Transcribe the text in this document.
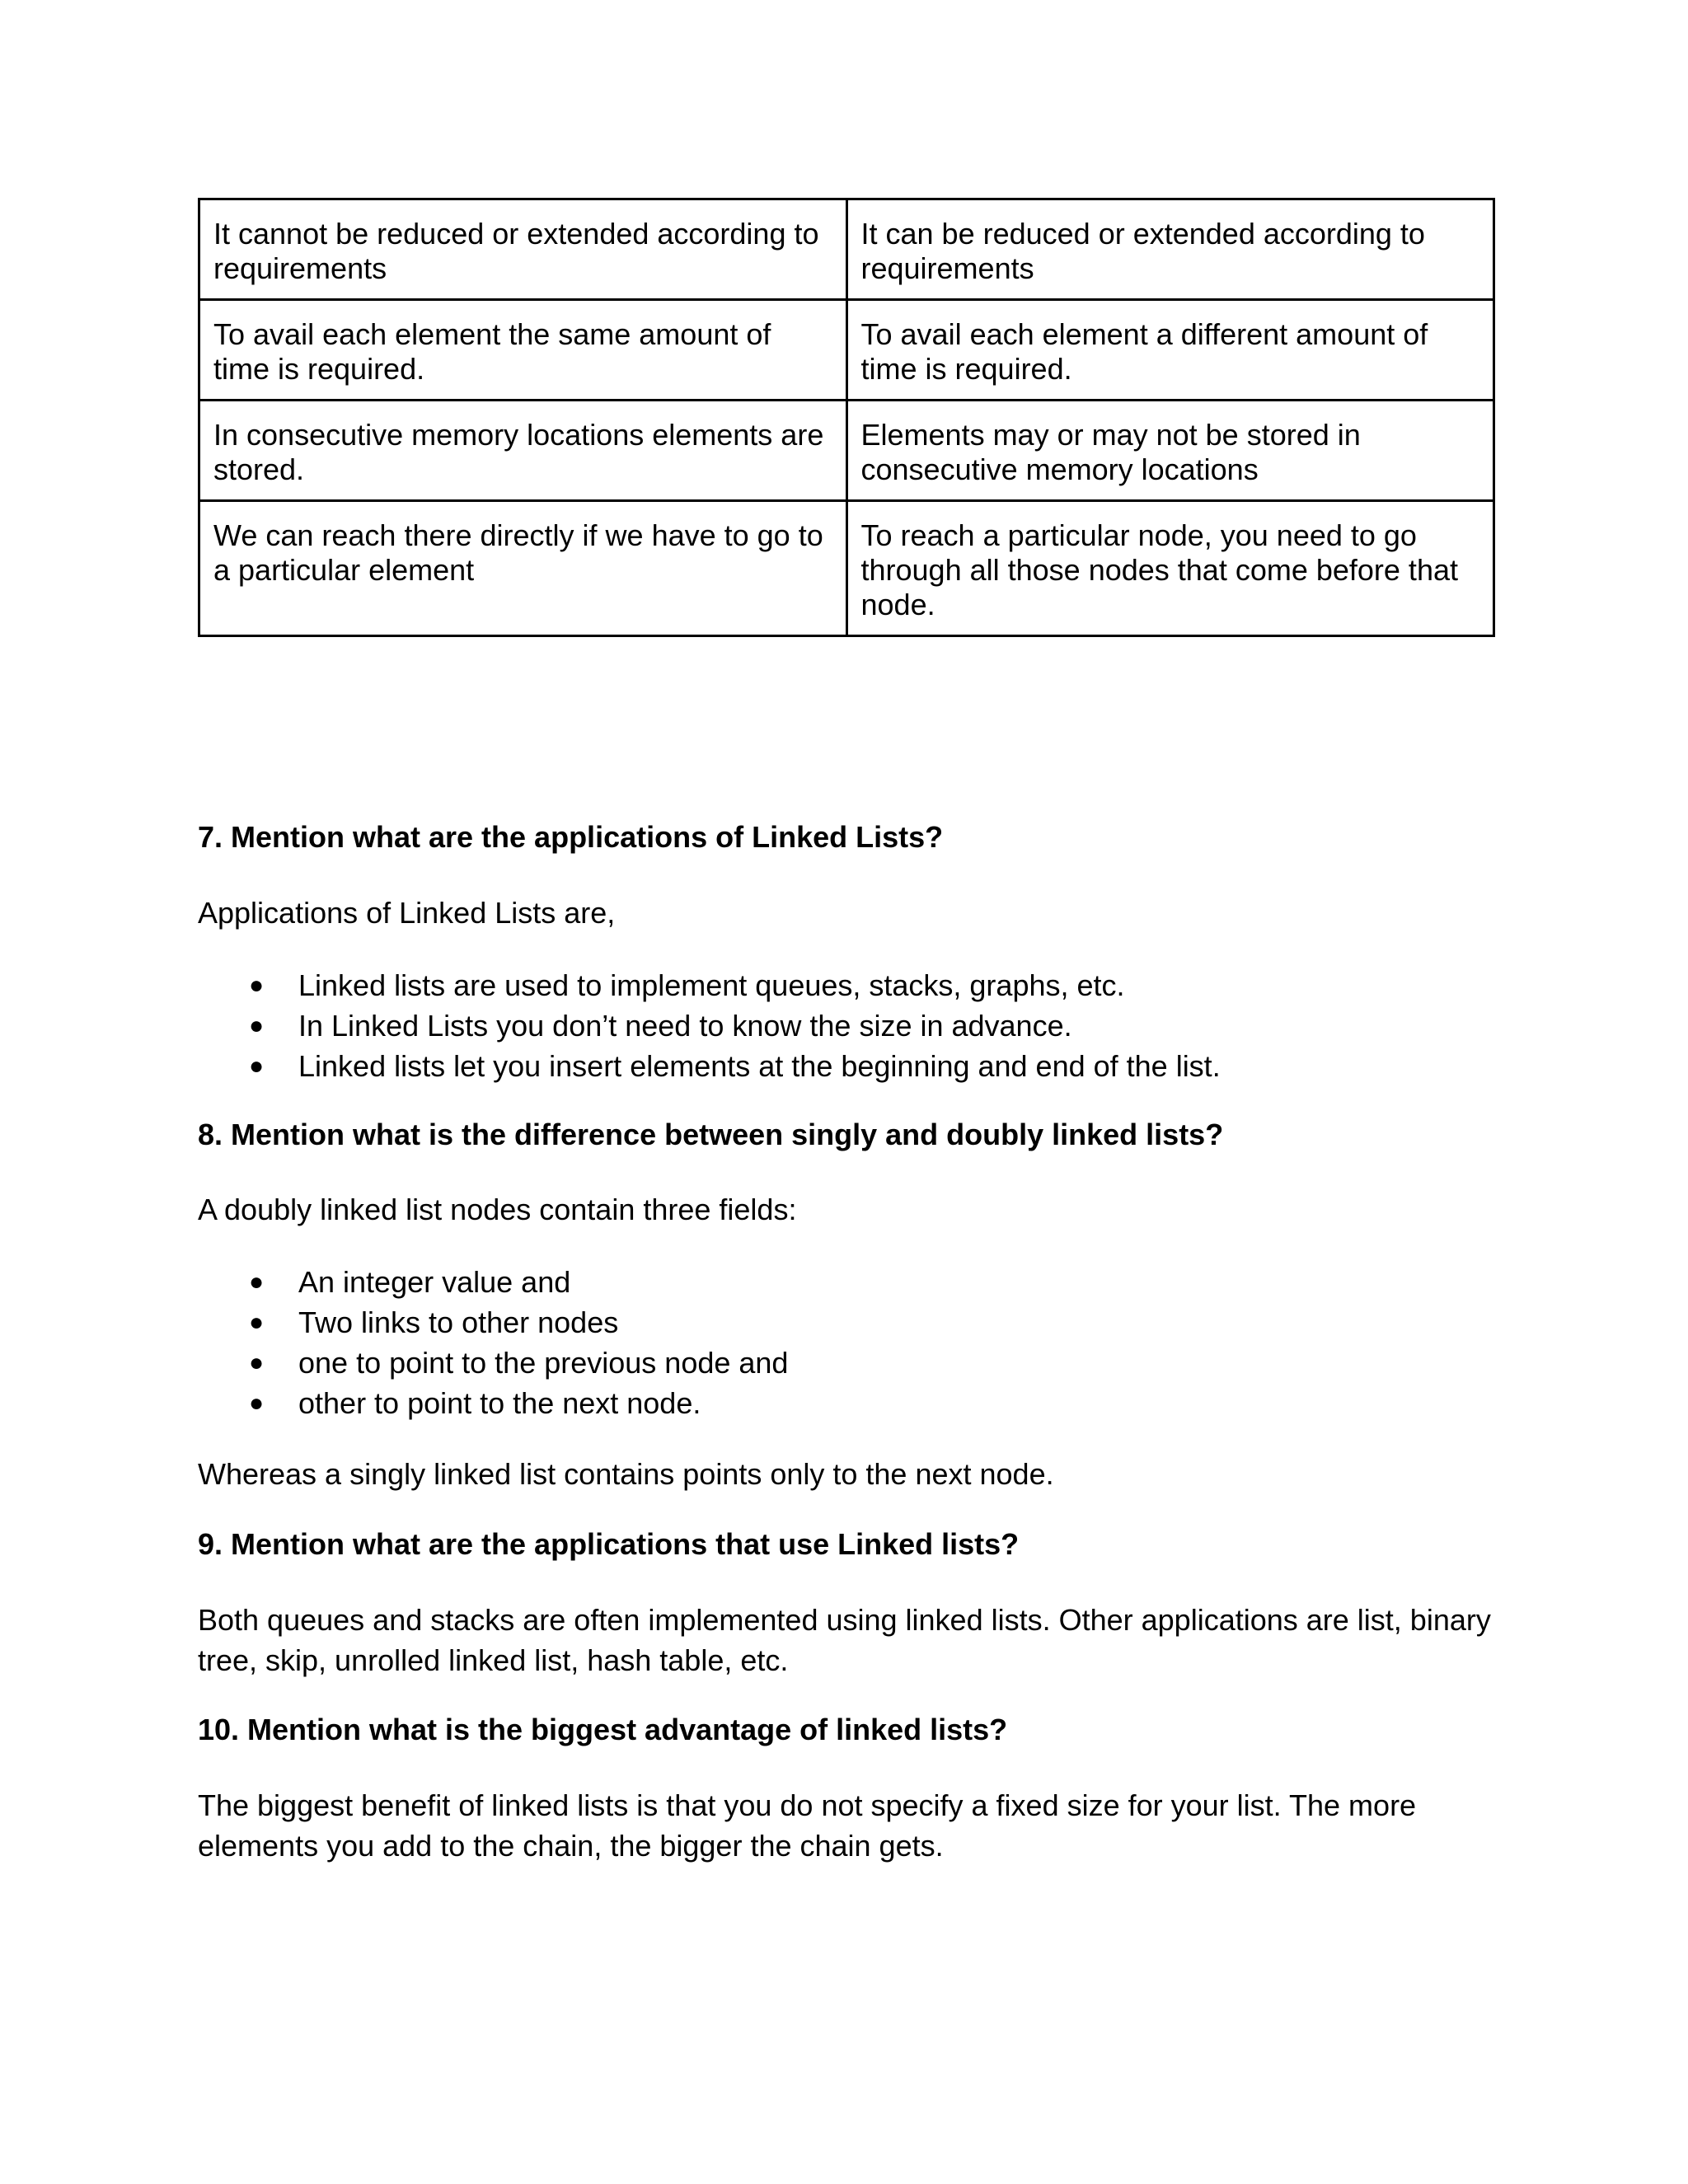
It cannot be reduced or extended according to requirements	It can be reduced or extended according to requirements
To avail each element the same amount of time is required.	To avail each element a different amount of time is required.
In consecutive memory locations elements are stored.	Elements may or may not be stored in consecutive memory locations
We can reach there directly if we have to go to a particular element	To reach a particular node, you need to go through all those nodes that come before that node.

7. Mention what are the applications of Linked Lists?

Applications of Linked Lists are,

● Linked lists are used to implement queues, stacks, graphs, etc.
● In Linked Lists you don’t need to know the size in advance.
● Linked lists let you insert elements at the beginning and end of the list.

8. Mention what is the difference between singly and doubly linked lists?

A doubly linked list nodes contain three fields:

● An integer value and
● Two links to other nodes
● one to point to the previous node and
● other to point to the next node.

Whereas a singly linked list contains points only to the next node.

9. Mention what are the applications that use Linked lists?

Both queues and stacks are often implemented using linked lists. Other applications are list, binary tree, skip, unrolled linked list, hash table, etc.

10. Mention what is the biggest advantage of linked lists?

The biggest benefit of linked lists is that you do not specify a fixed size for your list. The more elements you add to the chain, the bigger the chain gets.
